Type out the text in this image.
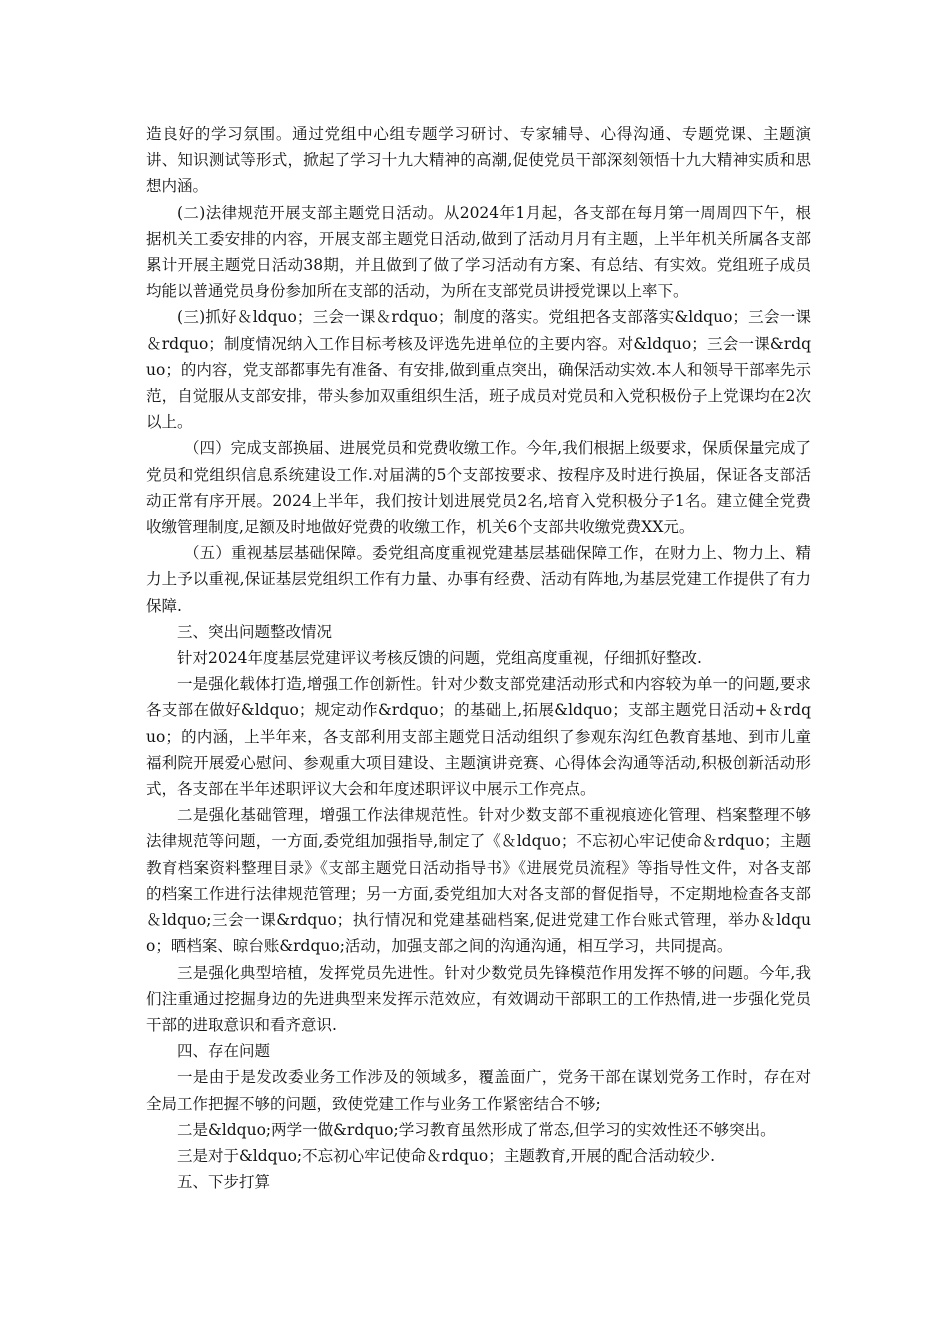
造良好的学习氛围。通过党组中心组专题学习研讨、专家辅导、心得沟通、专题党课、主题演讲、知识测试等形式，掀起了学习十九大精神的高潮,促使党员干部深刻领悟十九大精神实质和思想内涵。

(二)法律规范开展支部主题党日活动。从2024年1月起，各支部在每月第一周周四下午，根据机关工委安排的内容，开展支部主题党日活动,做到了活动月月有主题，上半年机关所属各支部累计开展主题党日活动38期，并且做到了做了学习活动有方案、有总结、有实效。党组班子成员均能以普通党员身份参加所在支部的活动，为所在支部党员讲授党课以上率下。

(三)抓好＆ldquo；三会一课＆rdquo；制度的落实。党组把各支部落实&ldquo；三会一课＆rdquo；制度情况纳入工作目标考核及评选先进单位的主要内容。对&ldquo；三会一课&rdquo；的内容，党支部都事先有准备、有安排,做到重点突出，确保活动实效.本人和领导干部率先示范，自觉服从支部安排，带头参加双重组织生活，班子成员对党员和入党积极份子上党课均在2次以上。

（四）完成支部换届、进展党员和党费收缴工作。今年,我们根据上级要求，保质保量完成了党员和党组织信息系统建设工作.对届满的5个支部按要求、按程序及时进行换届，保证各支部活动正常有序开展。2024上半年，我们按计划进展党员2名,培育入党积极分子1名。建立健全党费收缴管理制度,足额及时地做好党费的收缴工作，机关6个支部共收缴党费XX元。

（五）重视基层基础保障。委党组高度重视党建基层基础保障工作，在财力上、物力上、精力上予以重视,保证基层党组织工作有力量、办事有经费、活动有阵地,为基层党建工作提供了有力保障.

三、突出问题整改情况

针对2024年度基层党建评议考核反馈的问题，党组高度重视，仔细抓好整改.

一是强化载体打造,增强工作创新性。针对少数支部党建活动形式和内容较为单一的问题,要求各支部在做好&ldquo；规定动作&rdquo；的基础上,拓展&ldquo；支部主题党日活动+＆rdquo；的内涵，上半年来，各支部利用支部主题党日活动组织了参观东沟红色教育基地、到市儿童福利院开展爱心慰问、参观重大项目建设、主题演讲竞赛、心得体会沟通等活动,积极创新活动形式，各支部在半年述职评议大会和年度述职评议中展示工作亮点。

二是强化基础管理，增强工作法律规范性。针对少数支部不重视痕迹化管理、档案整理不够法律规范等问题，一方面,委党组加强指导,制定了《＆ldquo；不忘初心牢记使命＆rdquo；主题教育档案资料整理目录》《支部主题党日活动指导书》《进展党员流程》等指导性文件，对各支部的档案工作进行法律规范管理；另一方面,委党组加大对各支部的督促指导，不定期地检查各支部＆ldquo;三会一课&rdquo；执行情况和党建基础档案,促进党建工作台账式管理，举办＆ldquo；晒档案、晾台账&rdquo;活动，加强支部之间的沟通沟通，相互学习，共同提高。

三是强化典型培植，发挥党员先进性。针对少数党员先锋模范作用发挥不够的问题。今年,我们注重通过挖掘身边的先进典型来发挥示范效应，有效调动干部职工的工作热情,进一步强化党员干部的进取意识和看齐意识.

四、存在问题

一是由于是发改委业务工作涉及的领域多，覆盖面广，党务干部在谋划党务工作时，存在对全局工作把握不够的问题，致使党建工作与业务工作紧密结合不够;

二是&ldquo;两学一做&rdquo;学习教育虽然形成了常态,但学习的实效性还不够突出。

三是对于&ldquo;不忘初心牢记使命＆rdquo；主题教育,开展的配合活动较少.

五、下步打算
